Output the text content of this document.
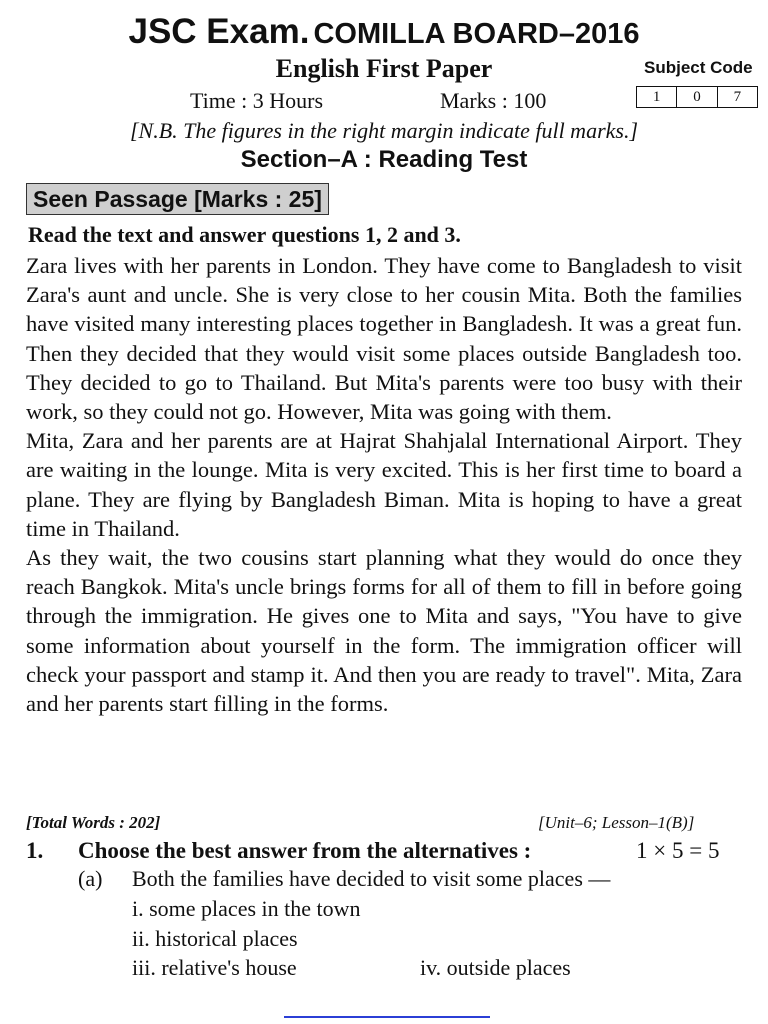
JSC Exam. COMILLA BOARD–2016
English First Paper	Subject Code
1	0	7
Time : 3 Hours	Marks : 100
[N.B. The figures in the right margin indicate full marks.]
Section–A : Reading Test
Seen Passage [Marks : 25]
Read the text and answer questions 1, 2 and 3.

Zara lives with her parents in London. They have come to Bangladesh to visit Zara's aunt and uncle. She is very close to her cousin Mita. Both the families have visited many interesting places together in Bangladesh. It was a great fun. Then they decided that they would visit some places outside Bangladesh too. They decided to go to Thailand. But Mita's parents were too busy with their work, so they could not go. However, Mita was going with them.

Mita, Zara and her parents are at Hajrat Shahjalal International Airport. They are waiting in the lounge. Mita is very excited. This is her first time to board a plane. They are flying by Bangladesh Biman. Mita is hoping to have a great time in Thailand.

As they wait, the two cousins start planning what they would do once they reach Bangkok. Mita's uncle brings forms for all of them to fill in before going through the immigration. He gives one to Mita and says, "You have to give some information about yourself in the form. The immigration officer will check your passport and stamp it. And then you are ready to travel". Mita, Zara and her parents start filling in the forms.

[Total Words : 202]	[Unit–6; Lesson–1(B)]
1. Choose the best answer from the alternatives :	1 × 5 = 5
(a) Both the families have decided to visit some places —
i. some places in the town
ii. historical places
iii. relative's house	iv. outside places
